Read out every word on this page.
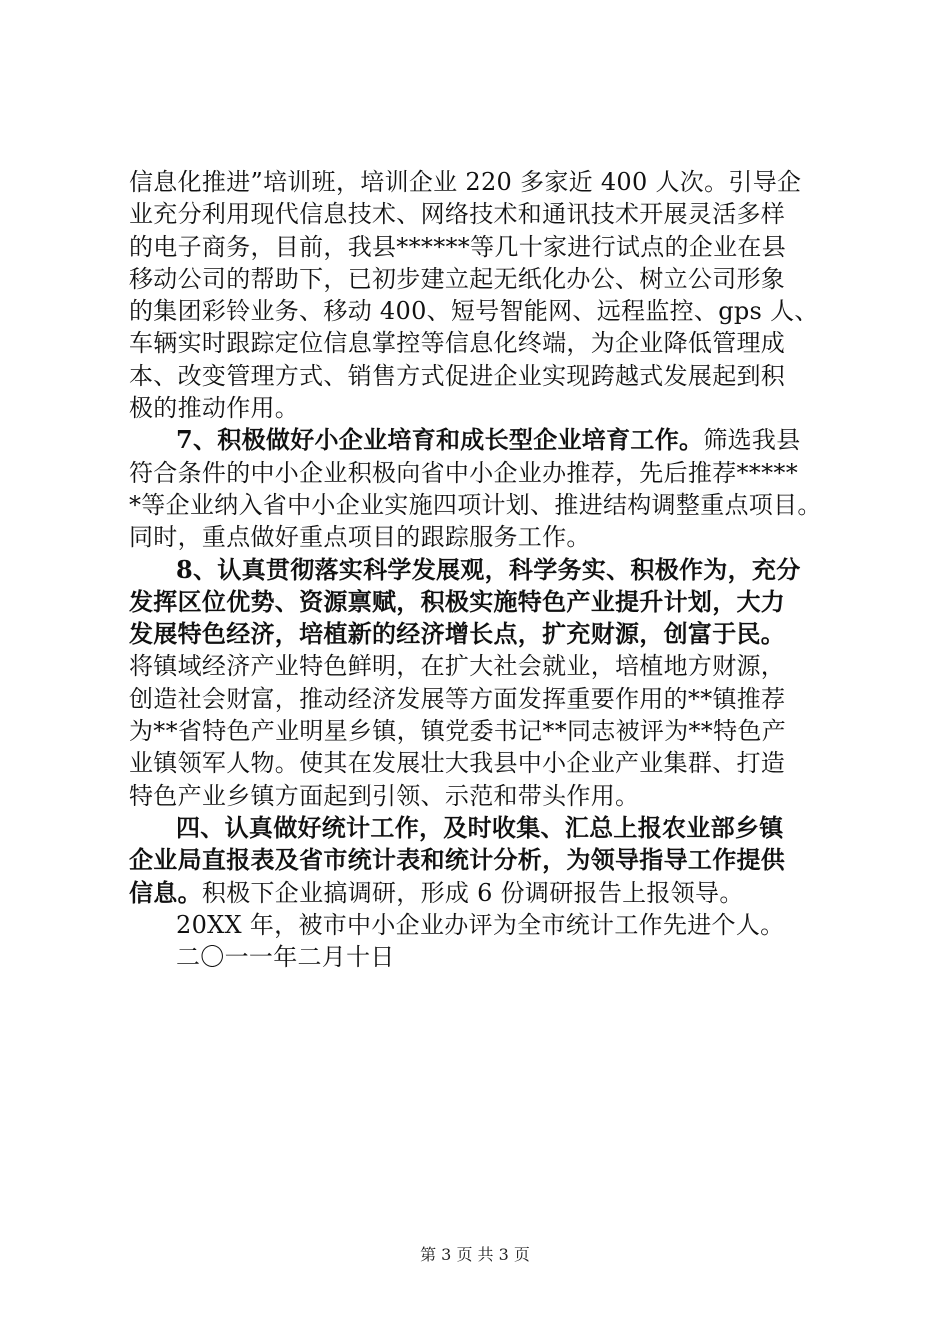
信息化推进”培训班，培训企业 220 多家近 400 人次。引导企
业充分利用现代信息技术、网络技术和通讯技术开展灵活多样
的电子商务，目前，我县******等几十家进行试点的企业在县
移动公司的帮助下，已初步建立起无纸化办公、树立公司形象
的集团彩铃业务、移动 400、短号智能网、远程监控、gps 人、
车辆实时跟踪定位信息掌控等信息化终端，为企业降低管理成
本、改变管理方式、销售方式促进企业实现跨越式发展起到积
极的推动作用。
7、积极做好小企业培育和成长型企业培育工作。筛选我县
符合条件的中小企业积极向省中小企业办推荐，先后推荐*****
*等企业纳入省中小企业实施四项计划、推进结构调整重点项目。
同时，重点做好重点项目的跟踪服务工作。
8、认真贯彻落实科学发展观，科学务实、积极作为，充分
发挥区位优势、资源禀赋，积极实施特色产业提升计划，大力
发展特色经济，培植新的经济增长点，扩充财源，创富于民。
将镇域经济产业特色鲜明，在扩大社会就业，培植地方财源，
创造社会财富，推动经济发展等方面发挥重要作用的**镇推荐
为**省特色产业明星乡镇，镇党委书记**同志被评为**特色产
业镇领军人物。使其在发展壮大我县中小企业产业集群、打造
特色产业乡镇方面起到引领、示范和带头作用。
四、认真做好统计工作，及时收集、汇总上报农业部乡镇
企业局直报表及省市统计表和统计分析，为领导指导工作提供
信息。积极下企业搞调研，形成 6 份调研报告上报领导。
20XX 年，被市中小企业办评为全市统计工作先进个人。
二〇一一年二月十日
第 3 页 共 3 页
